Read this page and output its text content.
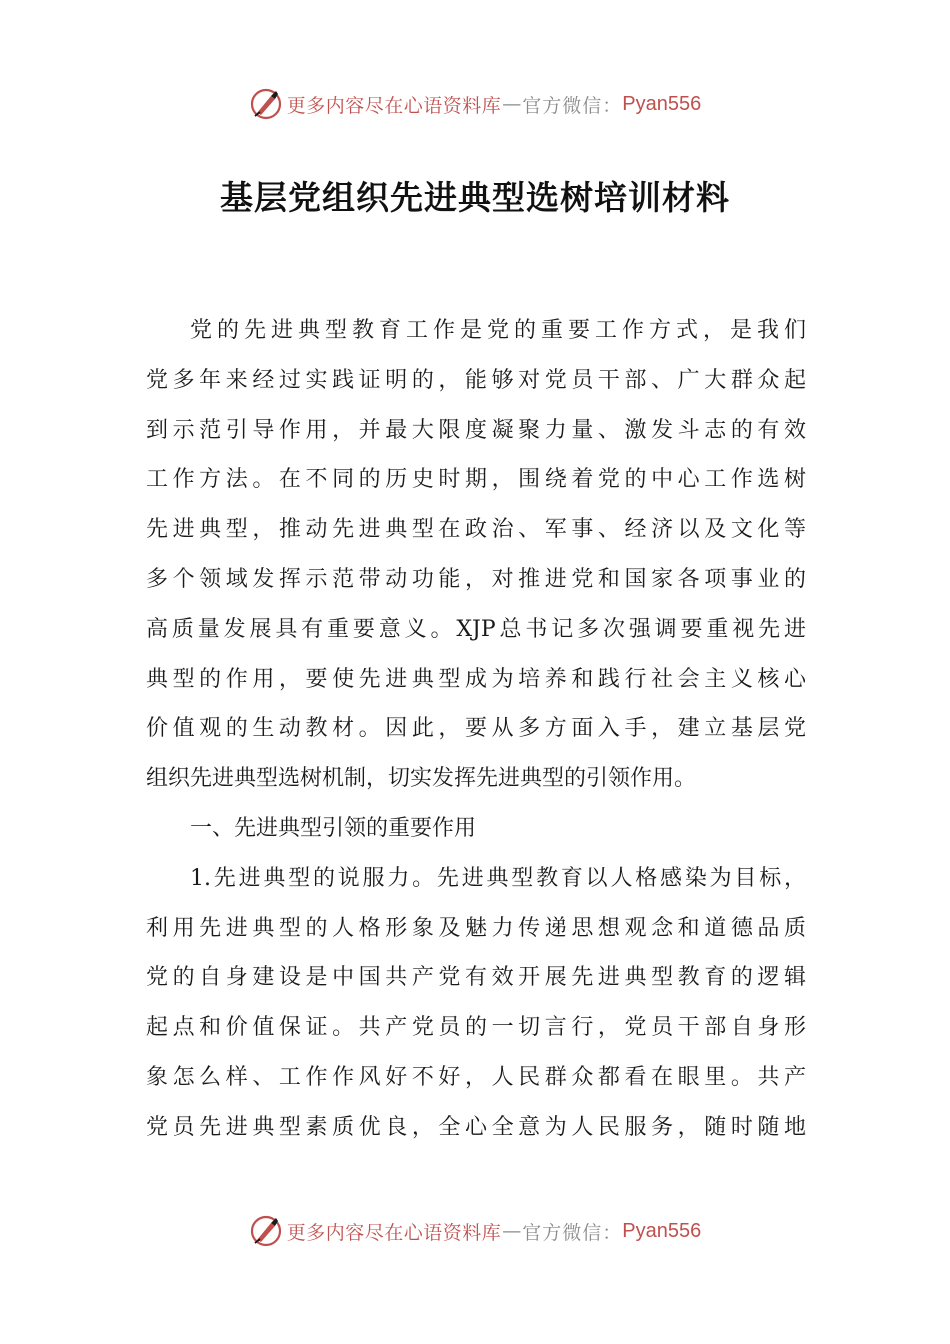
更多内容尽在心语资料库 — 官方微信： Pyan556
基层党组织先进典型选树培训材料
党的先进典型教育工作是党的重要工作方式，是我们
党多年来经过实践证明的，能够对党员干部、广大群众起
到示范引导作用，并最大限度凝聚力量、激发斗志的有效
工作方法。在不同的历史时期，围绕着党的中心工作选树
先进典型，推动先进典型在政治、军事、经济以及文化等
多个领域发挥示范带动功能，对推进党和国家各项事业的
高质量发展具有重要意义。XJP总书记多次强调要重视先进
典型的作用，要使先进典型成为培养和践行社会主义核心
价值观的生动教材。因此，要从多方面入手，建立基层党
组织先进典型选树机制，切实发挥先进典型的引领作用。
一、先进典型引领的重要作用
1.先进典型的说服力。先进典型教育以人格感染为目标，
利用先进典型的人格形象及魅力传递思想观念和道德品质
党的自身建设是中国共产党有效开展先进典型教育的逻辑
起点和价值保证。共产党员的一切言行，党员干部自身形
象怎么样、工作作风好不好，人民群众都看在眼里。共产
党员先进典型素质优良，全心全意为人民服务，随时随地
更多内容尽在心语资料库 — 官方微信： Pyan556
